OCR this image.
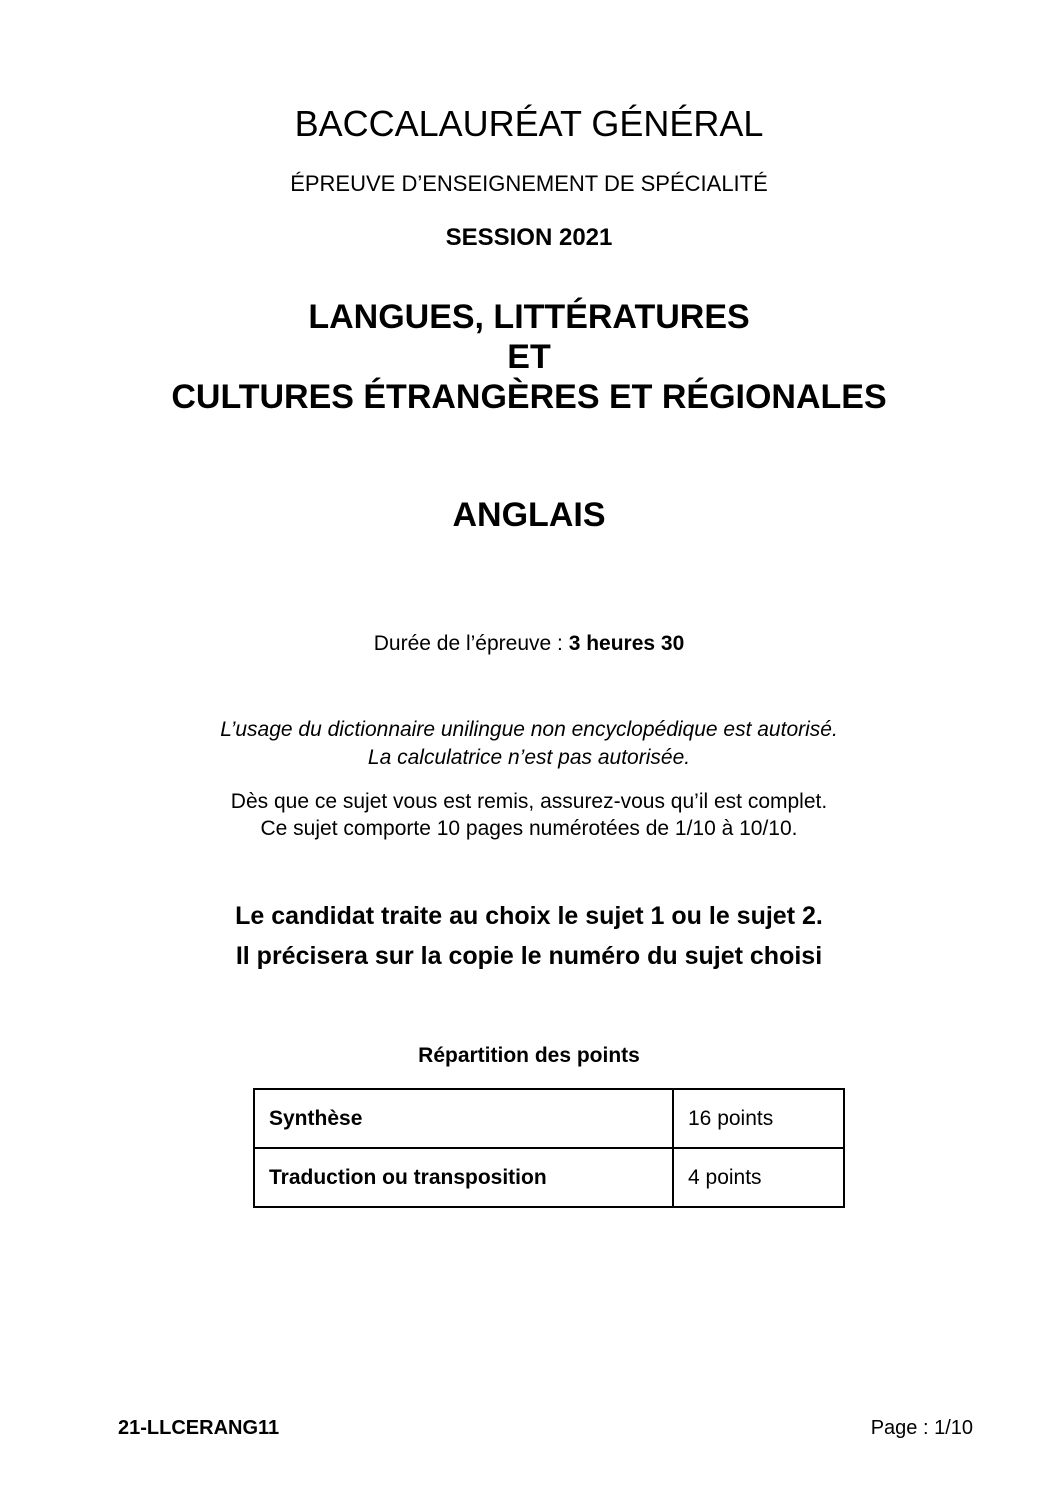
BACCALAURÉAT GÉNÉRAL
ÉPREUVE D’ENSEIGNEMENT DE SPÉCIALITÉ
SESSION 2021
LANGUES, LITTÉRATURES
ET
CULTURES ÉTRANGÈRES ET RÉGIONALES
ANGLAIS
Durée de l’épreuve : 3 heures 30
L’usage du dictionnaire unilingue non encyclopédique est autorisé.
La calculatrice n’est pas autorisée.
Dès que ce sujet vous est remis, assurez-vous qu’il est complet.
Ce sujet comporte 10 pages numérotées de 1/10 à 10/10.
Le candidat traite au choix le sujet 1 ou le sujet 2.
Il précisera sur la copie le numéro du sujet choisi
Répartition des points
Synthèse	16 points
Traduction ou transposition	4 points
21-LLCERANG11	Page : 1/10
